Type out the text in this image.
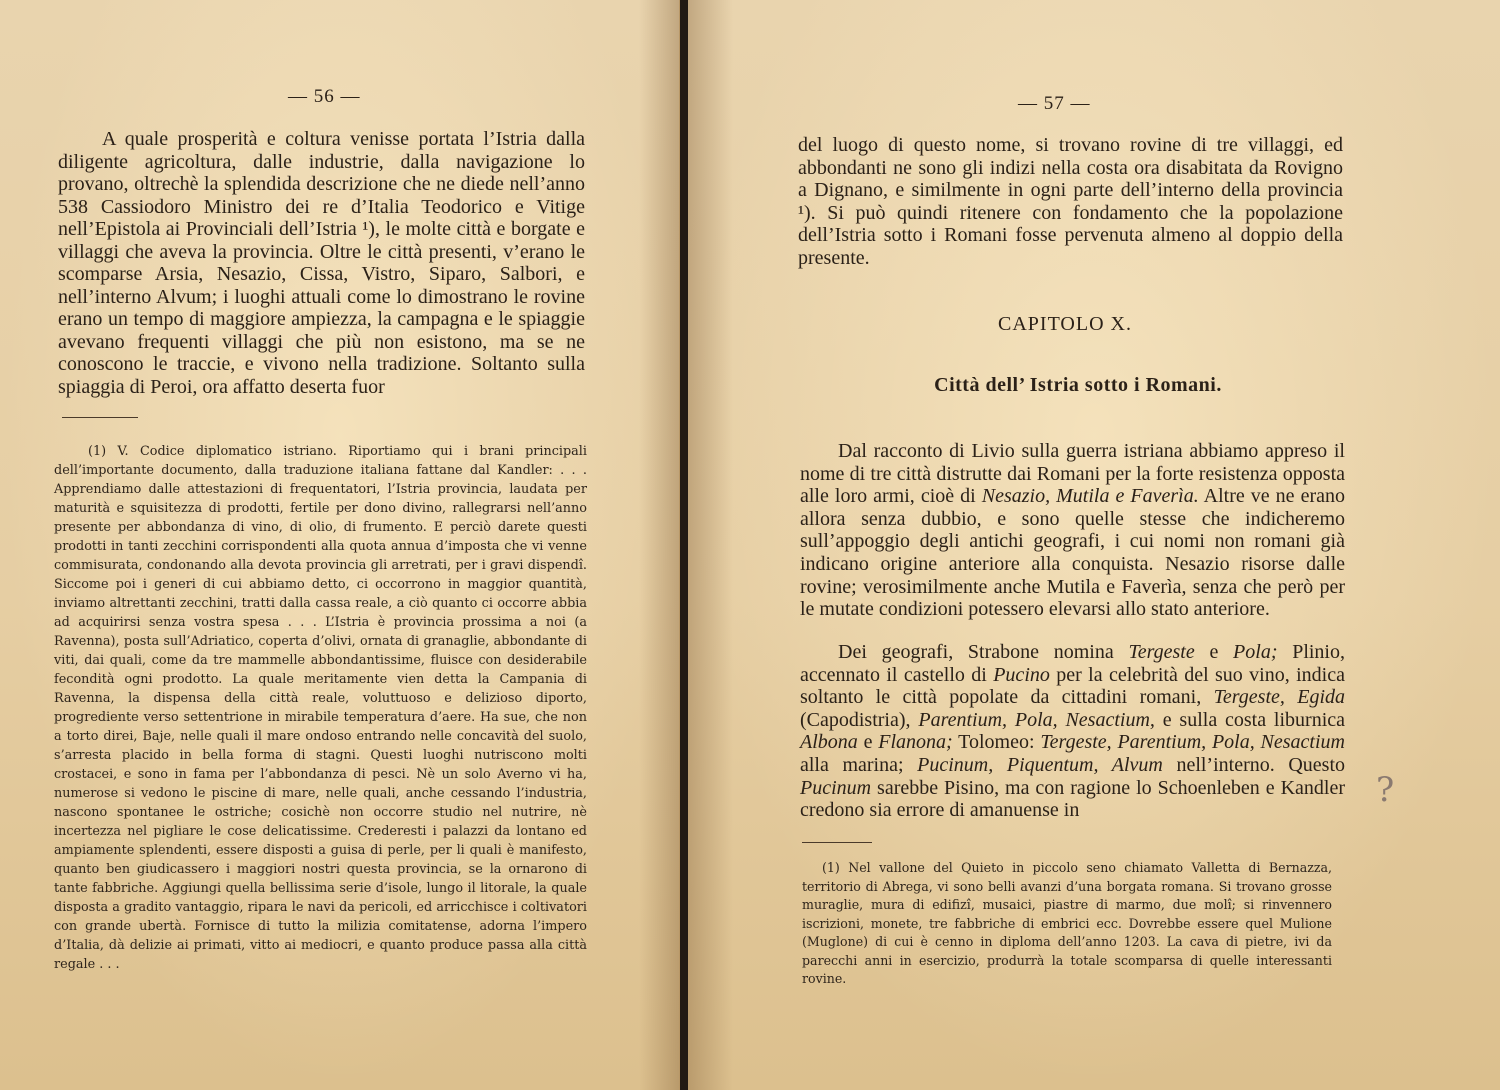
— 56 —

A quale prosperità e coltura venisse portata l’Istria dalla diligente agricoltura, dalle industrie, dalla navigazione lo provano, oltrechè la splendida descrizione che ne diede nell’anno 538 Cassiodoro Ministro dei re d’Italia Teodorico e Vitige nell’Epistola ai Provinciali dell’Istria ¹), le molte città e borgate e villaggi che aveva la provincia. Oltre le città presenti, v’erano le scomparse Arsia, Nesazio, Cissa, Vistro, Siparo, Salbori, e nell’interno Alvum; i luoghi attuali come lo dimostrano le rovine erano un tempo di maggiore ampiezza, la campagna e le spiaggie avevano frequenti villaggi che più non esistono, ma se ne conoscono le traccie, e vivono nella tradizione. Soltanto sulla spiaggia di Peroi, ora affatto deserta fuor

(1) V. Codice diplomatico istriano. Riportiamo qui i brani principali dell’importante documento, dalla traduzione italiana fattane dal Kandler: . . . Apprendiamo dalle attestazioni di frequentatori, l’Istria provincia, laudata per maturità e squisitezza di prodotti, fertile per dono divino, rallegrarsi nell’anno presente per abbondanza di vino, di olio, di frumento. E perciò darete questi prodotti in tanti zecchini corrispondenti alla quota annua d’imposta che vi venne commisurata, condonando alla devota provincia gli arretrati, per i gravi dispendî. Siccome poi i generi di cui abbiamo detto, ci occorrono in maggior quantità, inviamo altrettanti zecchini, tratti dalla cassa reale, a ciò quanto ci occorre abbia ad acquirirsi senza vostra spesa . . . L’Istria è provincia prossima a noi (a Ravenna), posta sull’Adriatico, coperta d’olivi, ornata di granaglie, abbondante di viti, dai quali, come da tre mammelle abbondantissime, fluisce con desiderabile fecondità ogni prodotto. La quale meritamente vien detta la Campania di Ravenna, la dispensa della città reale, voluttuoso e delizioso diporto, progrediente verso settentrione in mirabile temperatura d’aere. Ha sue, che non a torto direi, Baje, nelle quali il mare ondoso entrando nelle concavità del suolo, s’arresta placido in bella forma di stagni. Questi luoghi nutriscono molti crostacei, e sono in fama per l’abbondanza di pesci. Nè un solo Averno vi ha, numerose si vedono le piscine di mare, nelle quali, anche cessando l’industria, nascono spontanee le ostriche; cosichè non occorre studio nel nutrire, nè incertezza nel pigliare le cose delicatissime. Crederesti i palazzi da lontano ed ampiamente splendenti, essere disposti a guisa di perle, per li quali è manifesto, quanto ben giudicassero i maggiori nostri questa provincia, se la ornarono di tante fabbriche. Aggiungi quella bellissima serie d’isole, lungo il litorale, la quale disposta a gradito vantaggio, ripara le navi da pericoli, ed arricchisce i coltivatori con grande ubertà. Fornisce di tutto la milizia comitatense, adorna l’impero d’Italia, dà delizie ai primati, vitto ai mediocri, e quanto produce passa alla città regale . . .

— 57 —

del luogo di questo nome, si trovano rovine di tre villaggi, ed abbondanti ne sono gli indizi nella costa ora disabitata da Rovigno a Dignano, e similmente in ogni parte dell’interno della provincia ¹). Si può quindi ritenere con fondamento che la popolazione dell’Istria sotto i Romani fosse pervenuta almeno al doppio della presente.

CAPITOLO X.
Città dell’ Istria sotto i Romani.

Dal racconto di Livio sulla guerra istriana abbiamo appreso il nome di tre città distrutte dai Romani per la forte resistenza opposta alle loro armi, cioè di Nesazio, Mutila e Faverìa. Altre ve ne erano allora senza dubbio, e sono quelle stesse che indicheremo sull’appoggio degli antichi geografi, i cui nomi non romani già indicano origine anteriore alla conquista. Nesazio risorse dalle rovine; verosimilmente anche Mutila e Faverìa, senza che però per le mutate condizioni potessero elevarsi allo stato anteriore.

Dei geografi, Strabone nomina Tergeste e Pola; Plinio, accennato il castello di Pucino per la celebrità del suo vino, indica soltanto le città popolate da cittadini romani, Tergeste, Egida (Capodistria), Parentium, Pola, Nesactium, e sulla costa liburnica Albona e Flanona; Tolomeo: Tergeste, Parentium, Pola, Nesactium alla marina; Pucinum, Piquentum, Alvum nell’interno. Questo Pucinum sarebbe Pisino, ma con ragione lo Schoenleben e Kandler credono sia errore di amanuense in

(1) Nel vallone del Quieto in piccolo seno chiamato Valletta di Bernazza, territorio di Abrega, vi sono belli avanzi d’una borgata romana. Si trovano grosse muraglie, mura di edifizî, musaici, piastre di marmo, due molî; si rinvennero iscrizioni, monete, tre fabbriche di embrici ecc. Dovrebbe essere quel Mulione (Muglone) di cui è cenno in diploma dell’anno 1203. La cava di pietre, ivi da parecchi anni in esercizio, produrrà la totale scomparsa di quelle interessanti rovine.

?
